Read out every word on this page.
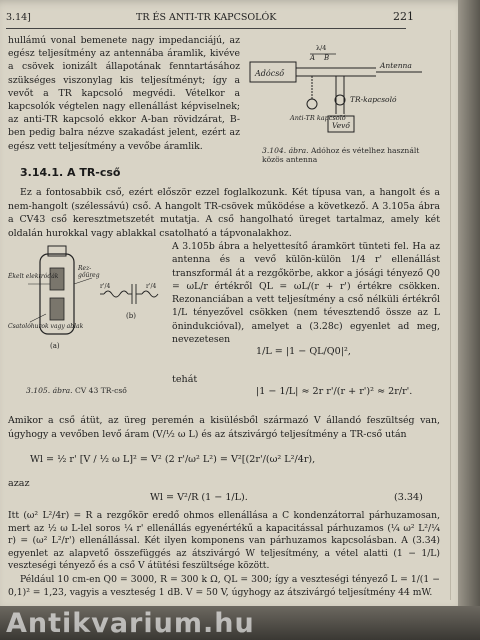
3.14]	TR ÉS ANTI-TR KAPCSOLÓK	221

hullámú vonal bemenete nagy impedanciájú, az egész teljesítmény az antennába áramlik, kivéve a csövek ionizált állapotának fenntartásához szükséges viszonylag kis teljesítményt; így a vevőt a TR kapcsoló megvédi. Vételkor a kapcsolók végtelen nagy ellenállást képviselnek; az anti-TR kapcsoló ekkor A-ban rövidzárat, B-ben pedig balra nézve szakadást jelent, ezért az egész vett teljesítmény a vevőbe áramlik.

Adócső
Antenna
A B
λ/4
Anti-TR kapcsoló
TR-kapcsoló
Vevő
3.104. ábra. Adóhoz és vételhez használt közös antenna
3.14.1. A TR-cső

Ez a fontosabbik cső, ezért először ezzel foglalkozunk. Két típusa van, a hangolt és a nem-hangolt (szélessávú) cső. A hangolt TR-csövek működése a következő. A 3.105a ábra a CV43 cső keresztmetszetét mutatja. A cső hangolható üreget tartalmaz, amely két oldalán hurokkal vagy ablakkal csatolható a tápvonalakhoz.

Ékelt elektródák
Rez-
gőüreg
Csatolóhurok vagy ablak
(a)
r'/4	r'/4
(b)
3.105. ábra. CV 43 TR-cső

A 3.105b ábra a helyettesítő áramkört tünteti fel. Ha az antenna és a vevő külön-külön 1/4 r' ellenállást transzformál át a rezgőkörbe, akkor a jósági tényező Q0 = ωL/r értékről QL = ωL/(r + r') értékre csökken. Rezonanciában a vett teljesítmény a cső nélküli értékről 1/L tényezővel csökken (nem tévesztendő össze az L önindukcióval), amelyet a (3.28c) egyenlet ad meg, nevezetesen

1/L = |1 − QL/Q0|²,
tehát
|1 − 1/L| ≈ 2r r'/(r + r')² ≈ 2r/r'.

Amikor a cső átüt, az üreg peremén a kisülésből származó V állandó feszültség van, úgyhogy a vevőben levő áram (V/½ ω L) és az átszivárgó teljesítmény a TR-cső után

Wl = ½ r' [V / ½ ω L]² = V² (2 r'/ω² L²) = V²[(2r'/(ω² L²/4r),
azaz
Wl = V²/R (1 − 1/L).	(3.34)

Itt (ω² L²/4r) = R a rezgőkör eredő ohmos ellenállása a C kondenzátorral párhuzamosan, mert az ½ ω L-lel soros ¼ r' ellenállás egyenértékű a kapacitással párhuzamos (¼ ω² L²/¼ r) = (ω² L²/r') ellenállással. Két ilyen komponens van párhuzamos kapcsolásban. A (3.34) egyenlet az alapvető összefüggés az átszivárgó W teljesítmény, a vétel alatti (1 − 1/L) veszteségi tényező és a cső V átütési feszültsége között.

Például 10 cm-en Q0 = 3000, R = 300 k Ω, QL = 300; így a veszteségi tényező L = 1/(1 − 0,1)² = 1,23, vagyis a veszteség 1 dB. V = 50 V, úgyhogy az átszivárgó teljesítmény 44 mW.

Antikvarium.hu
